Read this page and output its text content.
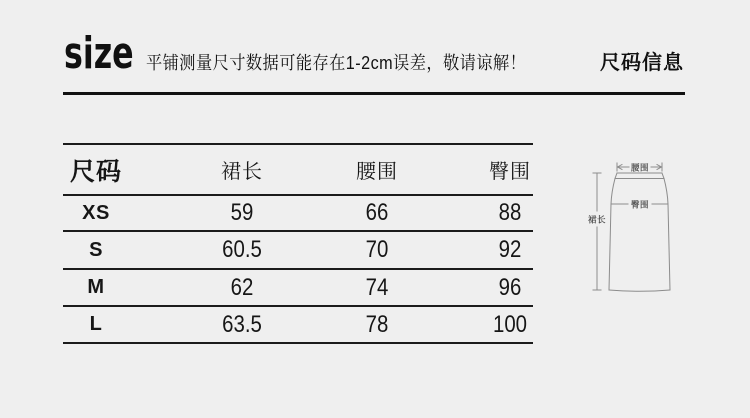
size 平铺测量尺寸数据可能存在1-2cm误差，敬请谅解！	尺码信息
尺码	裙长	腰围	臀围
XS	59	66	88
S	60.5	70	92
M	62	74	96
L	63.5	78	100
腰围
臀围
裙长
